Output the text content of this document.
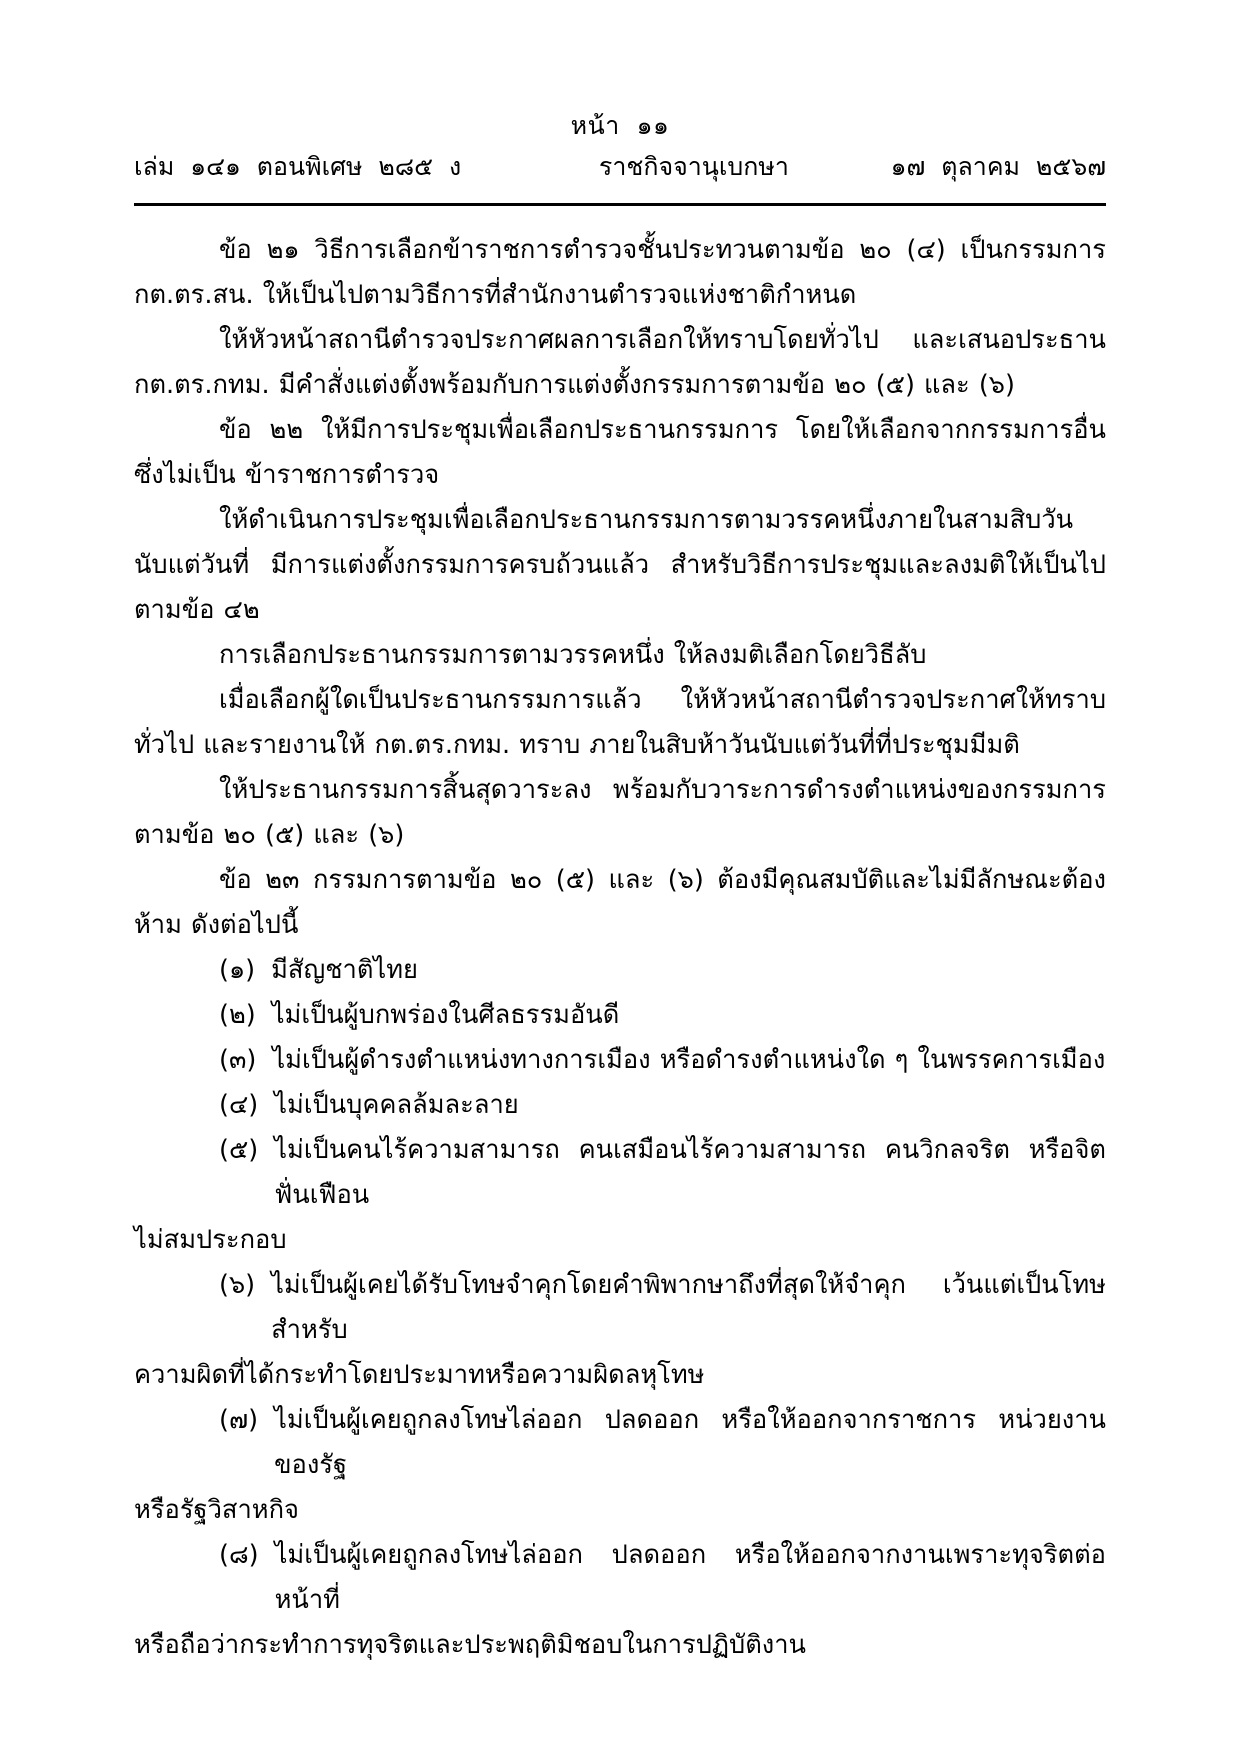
หน้า  ๑๑
เล่ม  ๑๔๑  ตอนพิเศษ  ๒๘๕  ง	ราชกิจจานุเบกษา	๑๗  ตุลาคม  ๒๕๖๗

ข้อ ๒๑ วิธีการเลือกข้าราชการตำรวจชั้นประทวนตามข้อ ๒๐ (๔) เป็นกรรมการ กต.ตร.สน. ให้เป็นไปตามวิธีการที่สำนักงานตำรวจแห่งชาติกำหนด

ให้หัวหน้าสถานีตำรวจประกาศผลการเลือกให้ทราบโดยทั่วไป และเสนอประธาน กต.ตร.กทม. มีคำสั่งแต่งตั้งพร้อมกับการแต่งตั้งกรรมการตามข้อ ๒๐ (๕) และ (๖)

ข้อ ๒๒ ให้มีการประชุมเพื่อเลือกประธานกรรมการ โดยให้เลือกจากกรรมการอื่นซึ่งไม่เป็น ข้าราชการตำรวจ

ให้ดำเนินการประชุมเพื่อเลือกประธานกรรมการตามวรรคหนึ่งภายในสามสิบวันนับแต่วันที่ มีการแต่งตั้งกรรมการครบถ้วนแล้ว สำหรับวิธีการประชุมและลงมติให้เป็นไปตามข้อ ๔๒

การเลือกประธานกรรมการตามวรรคหนึ่ง ให้ลงมติเลือกโดยวิธีลับ

เมื่อเลือกผู้ใดเป็นประธานกรรมการแล้ว ให้หัวหน้าสถานีตำรวจประกาศให้ทราบทั่วไป และรายงานให้ กต.ตร.กทม. ทราบ ภายในสิบห้าวันนับแต่วันที่ที่ประชุมมีมติ

ให้ประธานกรรมการสิ้นสุดวาระลง พร้อมกับวาระการดำรงตำแหน่งของกรรมการตามข้อ ๒๐ (๕) และ (๖)

ข้อ ๒๓ กรรมการตามข้อ ๒๐ (๕) และ (๖) ต้องมีคุณสมบัติและไม่มีลักษณะต้องห้าม ดังต่อไปนี้

(๑) มีสัญชาติไทย
(๒) ไม่เป็นผู้บกพร่องในศีลธรรมอันดี
(๓) ไม่เป็นผู้ดำรงตำแหน่งทางการเมือง หรือดำรงตำแหน่งใด ๆ ในพรรคการเมือง
(๔) ไม่เป็นบุคคลล้มละลาย
(๕) ไม่เป็นคนไร้ความสามารถ คนเสมือนไร้ความสามารถ คนวิกลจริต หรือจิตฟั่นเฟือน

ไม่สมประกอบ

(๖) ไม่เป็นผู้เคยได้รับโทษจำคุกโดยคำพิพากษาถึงที่สุดให้จำคุก เว้นแต่เป็นโทษสำหรับ

ความผิดที่ได้กระทำโดยประมาทหรือความผิดลหุโทษ

(๗) ไม่เป็นผู้เคยถูกลงโทษไล่ออก ปลดออก หรือให้ออกจากราชการ หน่วยงานของรัฐ

หรือรัฐวิสาหกิจ

(๘) ไม่เป็นผู้เคยถูกลงโทษไล่ออก ปลดออก หรือให้ออกจากงานเพราะทุจริตต่อหน้าที่

หรือถือว่ากระทำการทุจริตและประพฤติมิชอบในการปฏิบัติงาน
